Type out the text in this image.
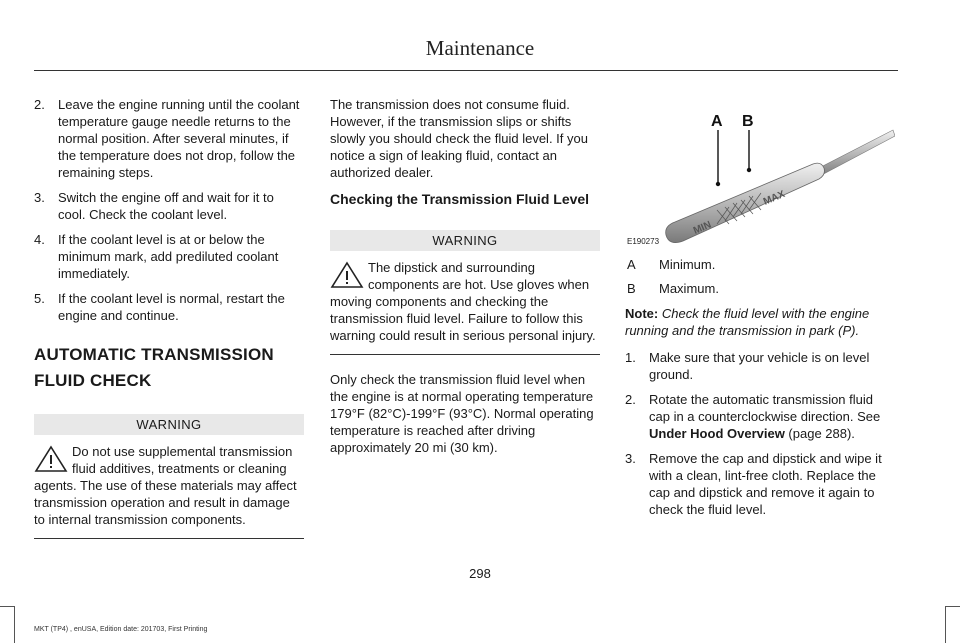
Maintenance
2. Leave the engine running until the coolant temperature gauge needle returns to the normal position. After several minutes, if the temperature does not drop, follow the remaining steps.
3. Switch the engine off and wait for it to cool. Check the coolant level.
4. If the coolant level is at or below the minimum mark, add prediluted coolant immediately.
5. If the coolant level is normal, restart the engine and continue.
AUTOMATIC TRANSMISSION
FLUID CHECK
WARNING
Do not use supplemental transmission fluid additives, treatments or cleaning agents. The use of these materials may affect transmission operation and result in damage to internal transmission components.

The transmission does not consume fluid. However, if the transmission slips or shifts slowly you should check the fluid level. If you notice a sign of leaking fluid, contact an authorized dealer.

Checking the Transmission Fluid Level
WARNING
The dipstick and surrounding components are hot. Use gloves when moving components and checking the transmission fluid level. Failure to follow this warning could result in serious personal injury.

Only check the transmission fluid level when the engine is at normal operating temperature 179°F (82°C)-199°F (93°C). Normal operating temperature is reached after driving approximately 20 mi (30 km).

MIN
MAX
A B
E190273
A	Minimum.
B	Maximum.

Note: Check the fluid level with the engine running and the transmission in park (P).

1. Make sure that your vehicle is on level ground.
2. Rotate the automatic transmission fluid cap in a counterclockwise direction. See Under Hood Overview (page 288).
3. Remove the cap and dipstick and wipe it with a clean, lint-free cloth. Replace the cap and dipstick and remove it again to check the fluid level.
298
MKT (TP4) , enUSA, Edition date: 201703, First Printing
